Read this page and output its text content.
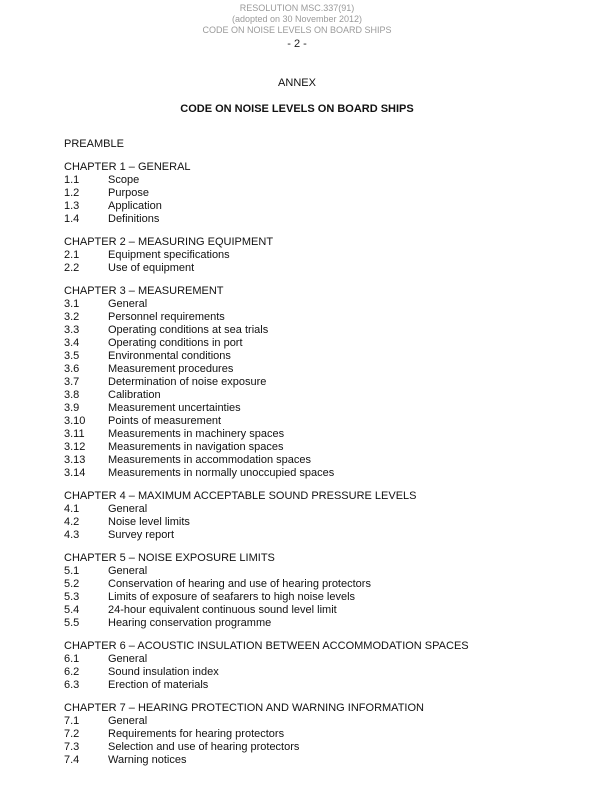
RESOLUTION MSC.337(91)
(adopted on 30 November 2012)
CODE ON NOISE LEVELS ON BOARD SHIPS
- 2 -
ANNEX
CODE ON NOISE LEVELS ON BOARD SHIPS
PREAMBLE
CHAPTER 1 – GENERAL
1.1	Scope
1.2	Purpose
1.3	Application
1.4	Definitions
CHAPTER 2 – MEASURING EQUIPMENT
2.1	Equipment specifications
2.2	Use of equipment
CHAPTER 3 – MEASUREMENT
3.1	General
3.2	Personnel requirements
3.3	Operating conditions at sea trials
3.4	Operating conditions in port
3.5	Environmental conditions
3.6	Measurement procedures
3.7	Determination of noise exposure
3.8	Calibration
3.9	Measurement uncertainties
3.10 Points of measurement
3.11 Measurements in machinery spaces
3.12 Measurements in navigation spaces
3.13 Measurements in accommodation spaces
3.14 Measurements in normally unoccupied spaces
CHAPTER 4 – MAXIMUM ACCEPTABLE SOUND PRESSURE LEVELS
4.1	General
4.2	Noise level limits
4.3	Survey report
CHAPTER 5 – NOISE EXPOSURE LIMITS
5.1	General
5.2	Conservation of hearing and use of hearing protectors
5.3	Limits of exposure of seafarers to high noise levels
5.4	24-hour equivalent continuous sound level limit
5.5	Hearing conservation programme
CHAPTER 6 – ACOUSTIC INSULATION BETWEEN ACCOMMODATION SPACES
6.1	General
6.2	Sound insulation index
6.3	Erection of materials
CHAPTER 7 – HEARING PROTECTION AND WARNING INFORMATION
7.1	General
7.2	Requirements for hearing protectors
7.3	Selection and use of hearing protectors
7.4	Warning notices
